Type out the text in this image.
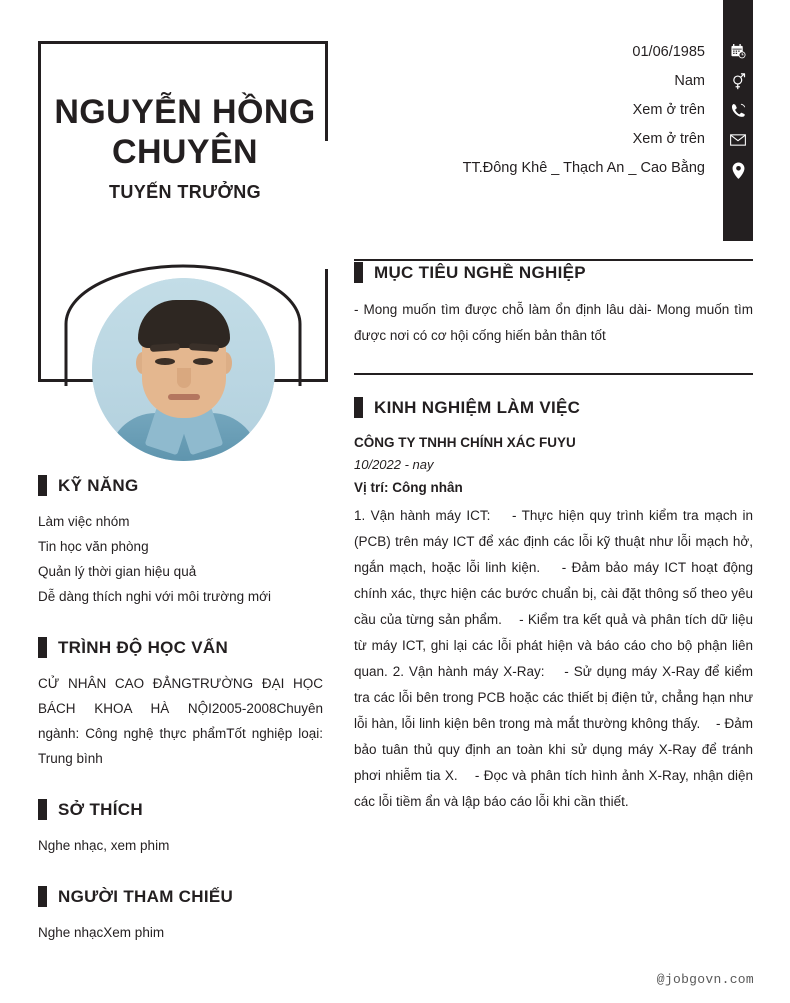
01/06/1985
Nam
Xem ở trên
Xem ở trên
TT.Đông Khê _ Thạch An _ Cao Bằng
NGUYỄN HỒNG CHUYÊN
TUYẾN TRƯỞNG
KỸ NĂNG
Làm việc nhóm
Tin học văn phòng
Quản lý thời gian hiệu quả
Dễ dàng thích nghi với môi trường mới
TRÌNH ĐỘ HỌC VẤN
CỬ NHÂN CAO ĐẲNGTRƯỜNG ĐẠI HỌC BÁCH KHOA HÀ NỘI2005-2008Chuyên ngành: Công nghệ thực phẩmTốt nghiệp loại: Trung bình
SỞ THÍCH
Nghe nhạc, xem phim
NGƯỜI THAM CHIẾU
Nghe nhạcXem phim
MỤC TIÊU NGHỀ NGHIỆP
- Mong muốn tìm được chỗ làm ổn định lâu dài- Mong muốn tìm được nơi có cơ hội cống hiến bản thân tốt
KINH NGHIỆM LÀM VIỆC
CÔNG TY TNHH CHÍNH XÁC FUYU
10/2022 - nay
Vị trí: Công nhân
1. Vận hành máy ICT:    - Thực hiện quy trình kiểm tra mạch in (PCB) trên máy ICT để xác định các lỗi kỹ thuật như lỗi mạch hở, ngắn mạch, hoặc lỗi linh kiện.    - Đảm bảo máy ICT hoạt động chính xác, thực hiện các bước chuẩn bị, cài đặt thông số theo yêu cầu của từng sản phẩm.    - Kiểm tra kết quả và phân tích dữ liệu từ máy ICT, ghi lại các lỗi phát hiện và báo cáo cho bộ phận liên quan. 2. Vận hành máy X-Ray:    - Sử dụng máy X-Ray để kiểm tra các lỗi bên trong PCB hoặc các thiết bị điện tử, chẳng hạn như lỗi hàn, lỗi linh kiện bên trong mà mắt thường không thấy.    - Đảm bảo tuân thủ quy định an toàn khi sử dụng máy X-Ray để tránh phơi nhiễm tia X.    - Đọc và phân tích hình ảnh X-Ray, nhận diện các lỗi tiềm ẩn và lập báo cáo lỗi khi cần thiết.
@jobgovn.com
